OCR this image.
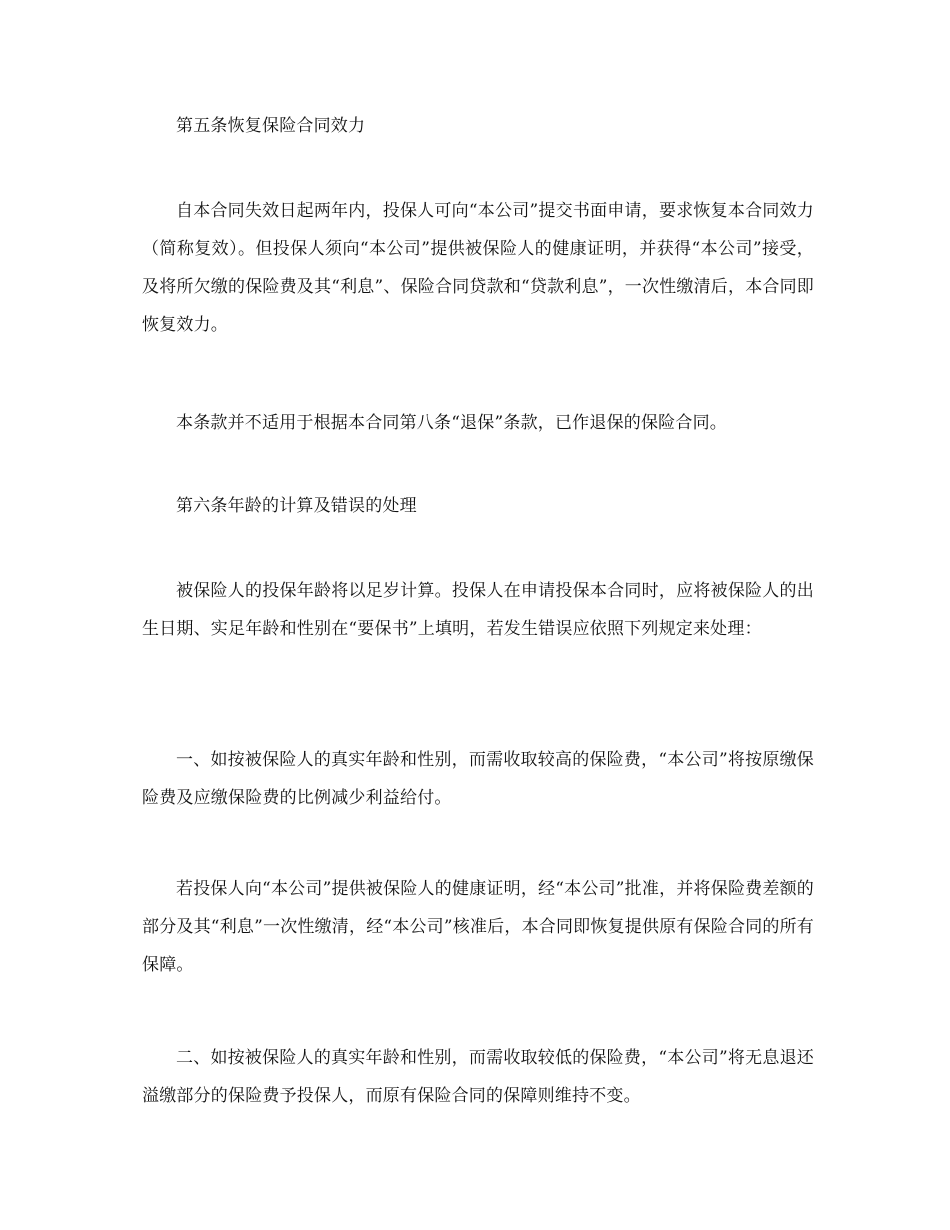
第五条恢复保险合同效力

自本合同失效日起两年内，投保人可向“本公司”提交书面申请，要求恢复本合同效力（简称复效）。但投保人须向“本公司”提供被保险人的健康证明，并获得“本公司”接受，及将所欠缴的保险费及其“利息”、保险合同贷款和“贷款利息”，一次性缴清后，本合同即恢复效力。

本条款并不适用于根据本合同第八条“退保”条款，已作退保的保险合同。

第六条年龄的计算及错误的处理

被保险人的投保年龄将以足岁计算。投保人在申请投保本合同时，应将被保险人的出生日期、实足年龄和性别在“要保书”上填明，若发生错误应依照下列规定来处理：

一、如按被保险人的真实年龄和性别，而需收取较高的保险费，“本公司”将按原缴保险费及应缴保险费的比例减少利益给付。

若投保人向“本公司”提供被保险人的健康证明，经“本公司”批准，并将保险费差额的部分及其“利息”一次性缴清，经“本公司”核准后，本合同即恢复提供原有保险合同的所有保障。

二、如按被保险人的真实年龄和性别，而需收取较低的保险费，“本公司”将无息退还溢缴部分的保险费予投保人，而原有保险合同的保障则维持不变。
